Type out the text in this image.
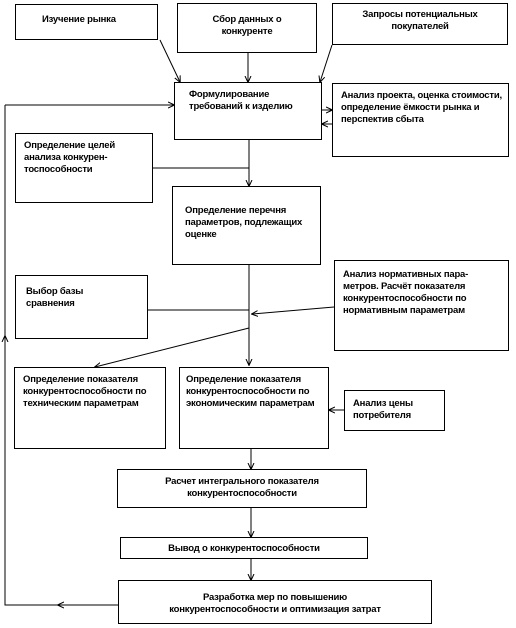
Изучение рынка	Сбор данных о конкуренте
Запросы потенциальных покупателей
Формулирование требований к изделию
Анализ проекта, оценка стоимости, определение ёмкости рынка и перспектив сбыта
Определение целей анализа конкурен-
тоспособности
Определение перечня параметров, подлежащих оценке
Выбор базы сравнения
Анализ нормативных пара-
метров. Расчёт показателя конкурентоспособности по нормативным параметрам
Определение показателя конкурентоспособности по техническим параметрам
Определение показателя конкурентоспособности по экономическим параметрам	Анализ цены потребителя
Расчет интегрального показателя конкурентоспособности
Вывод о конкурентоспособности
Разработка мер по повышению конкурентоспособности и оптимизация затрат
